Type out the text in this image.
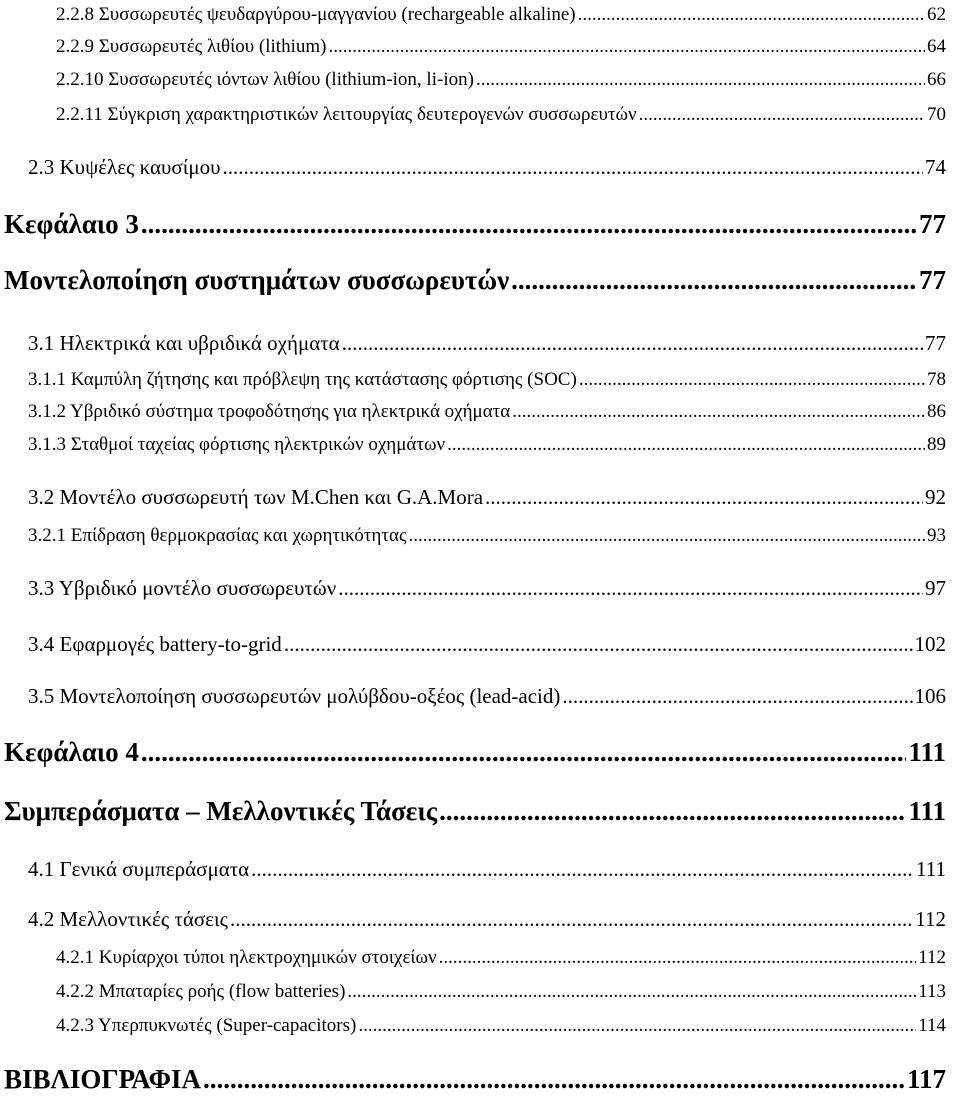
2.2.8 Συσσωρευτές ψευδαργύρου-μαγγανίου (rechargeable alkaline) .....	62
2.2.9 Συσσωρευτές λιθίου (lithium) .....	64
2.2.10 Συσσωρευτές ιόντων λιθίου (lithium-ion, li-ion) .....	66
2.2.11 Σύγκριση χαρακτηριστικών λειτουργίας δευτερογενών συσσωρευτών .....	70
2.3 Κυψέλες καυσίμου .....	74
Κεφάλαιο 3 .....	77
Μοντελοποίηση συστημάτων συσσωρευτών .....	77
3.1 Ηλεκτρικά και υβριδικά οχήματα .....	77
3.1.1 Καμπύλη ζήτησης και πρόβλεψη της κατάστασης φόρτισης (SOC) .....	78
3.1.2 Υβριδικό σύστημα τροφοδότησης για ηλεκτρικά οχήματα .....	86
3.1.3 Σταθμοί ταχείας φόρτισης ηλεκτρικών οχημάτων .....	89
3.2 Μοντέλο συσσωρευτή των M.Chen και G.A.Mora .....	92
3.2.1 Επίδραση θερμοκρασίας και χωρητικότητας .....	93
3.3 Υβριδικό μοντέλο συσσωρευτών .....	97
3.4 Εφαρμογές battery-to-grid .....	102
3.5 Μοντελοποίηση συσσωρευτών μολύβδου-οξέος (lead-acid) .....	106
Κεφάλαιο 4 .....	111
Συμπεράσματα – Μελλοντικές Τάσεις .....	111
4.1 Γενικά συμπεράσματα .....	111
4.2 Μελλοντικές τάσεις .....	112
4.2.1 Κυρίαρχοι τύποι ηλεκτροχημικών στοιχείων .....	112
4.2.2 Μπαταρίες ροής (flow batteries) .....	113
4.2.3 Υπερπυκνωτές (Super-capacitors) .....	114
ΒΙΒΛΙΟΓΡΑΦΙΑ .....	117
